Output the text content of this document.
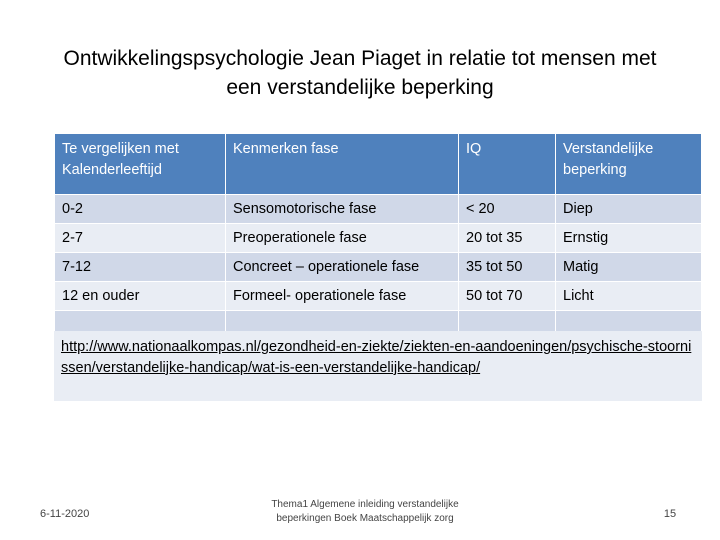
Ontwikkelingspsychologie Jean Piaget in relatie tot mensen met
een verstandelijke beperking
Te vergelijken met Kalenderleeftijd	Kenmerken fase	IQ	Verstandelijke beperking
0-2	Sensomotorische fase	< 20	Diep
2-7	Preoperationele fase	20 tot 35	Ernstig
7-12	Concreet – operationele fase	35 tot 50	Matig
12 en ouder	Formeel- operationele fase	50 tot 70	Licht

http://www.nationaalkompas.nl/gezondheid-en-ziekte/ziekten-en-aandoeningen/psychische-stoornissen/verstandelijke-handicap/wat-is-een-verstandelijke-handicap/
6-11-2020
Thema1 Algemene inleiding verstandelijke
beperkingen Boek Maatschappelijk zorg	15
